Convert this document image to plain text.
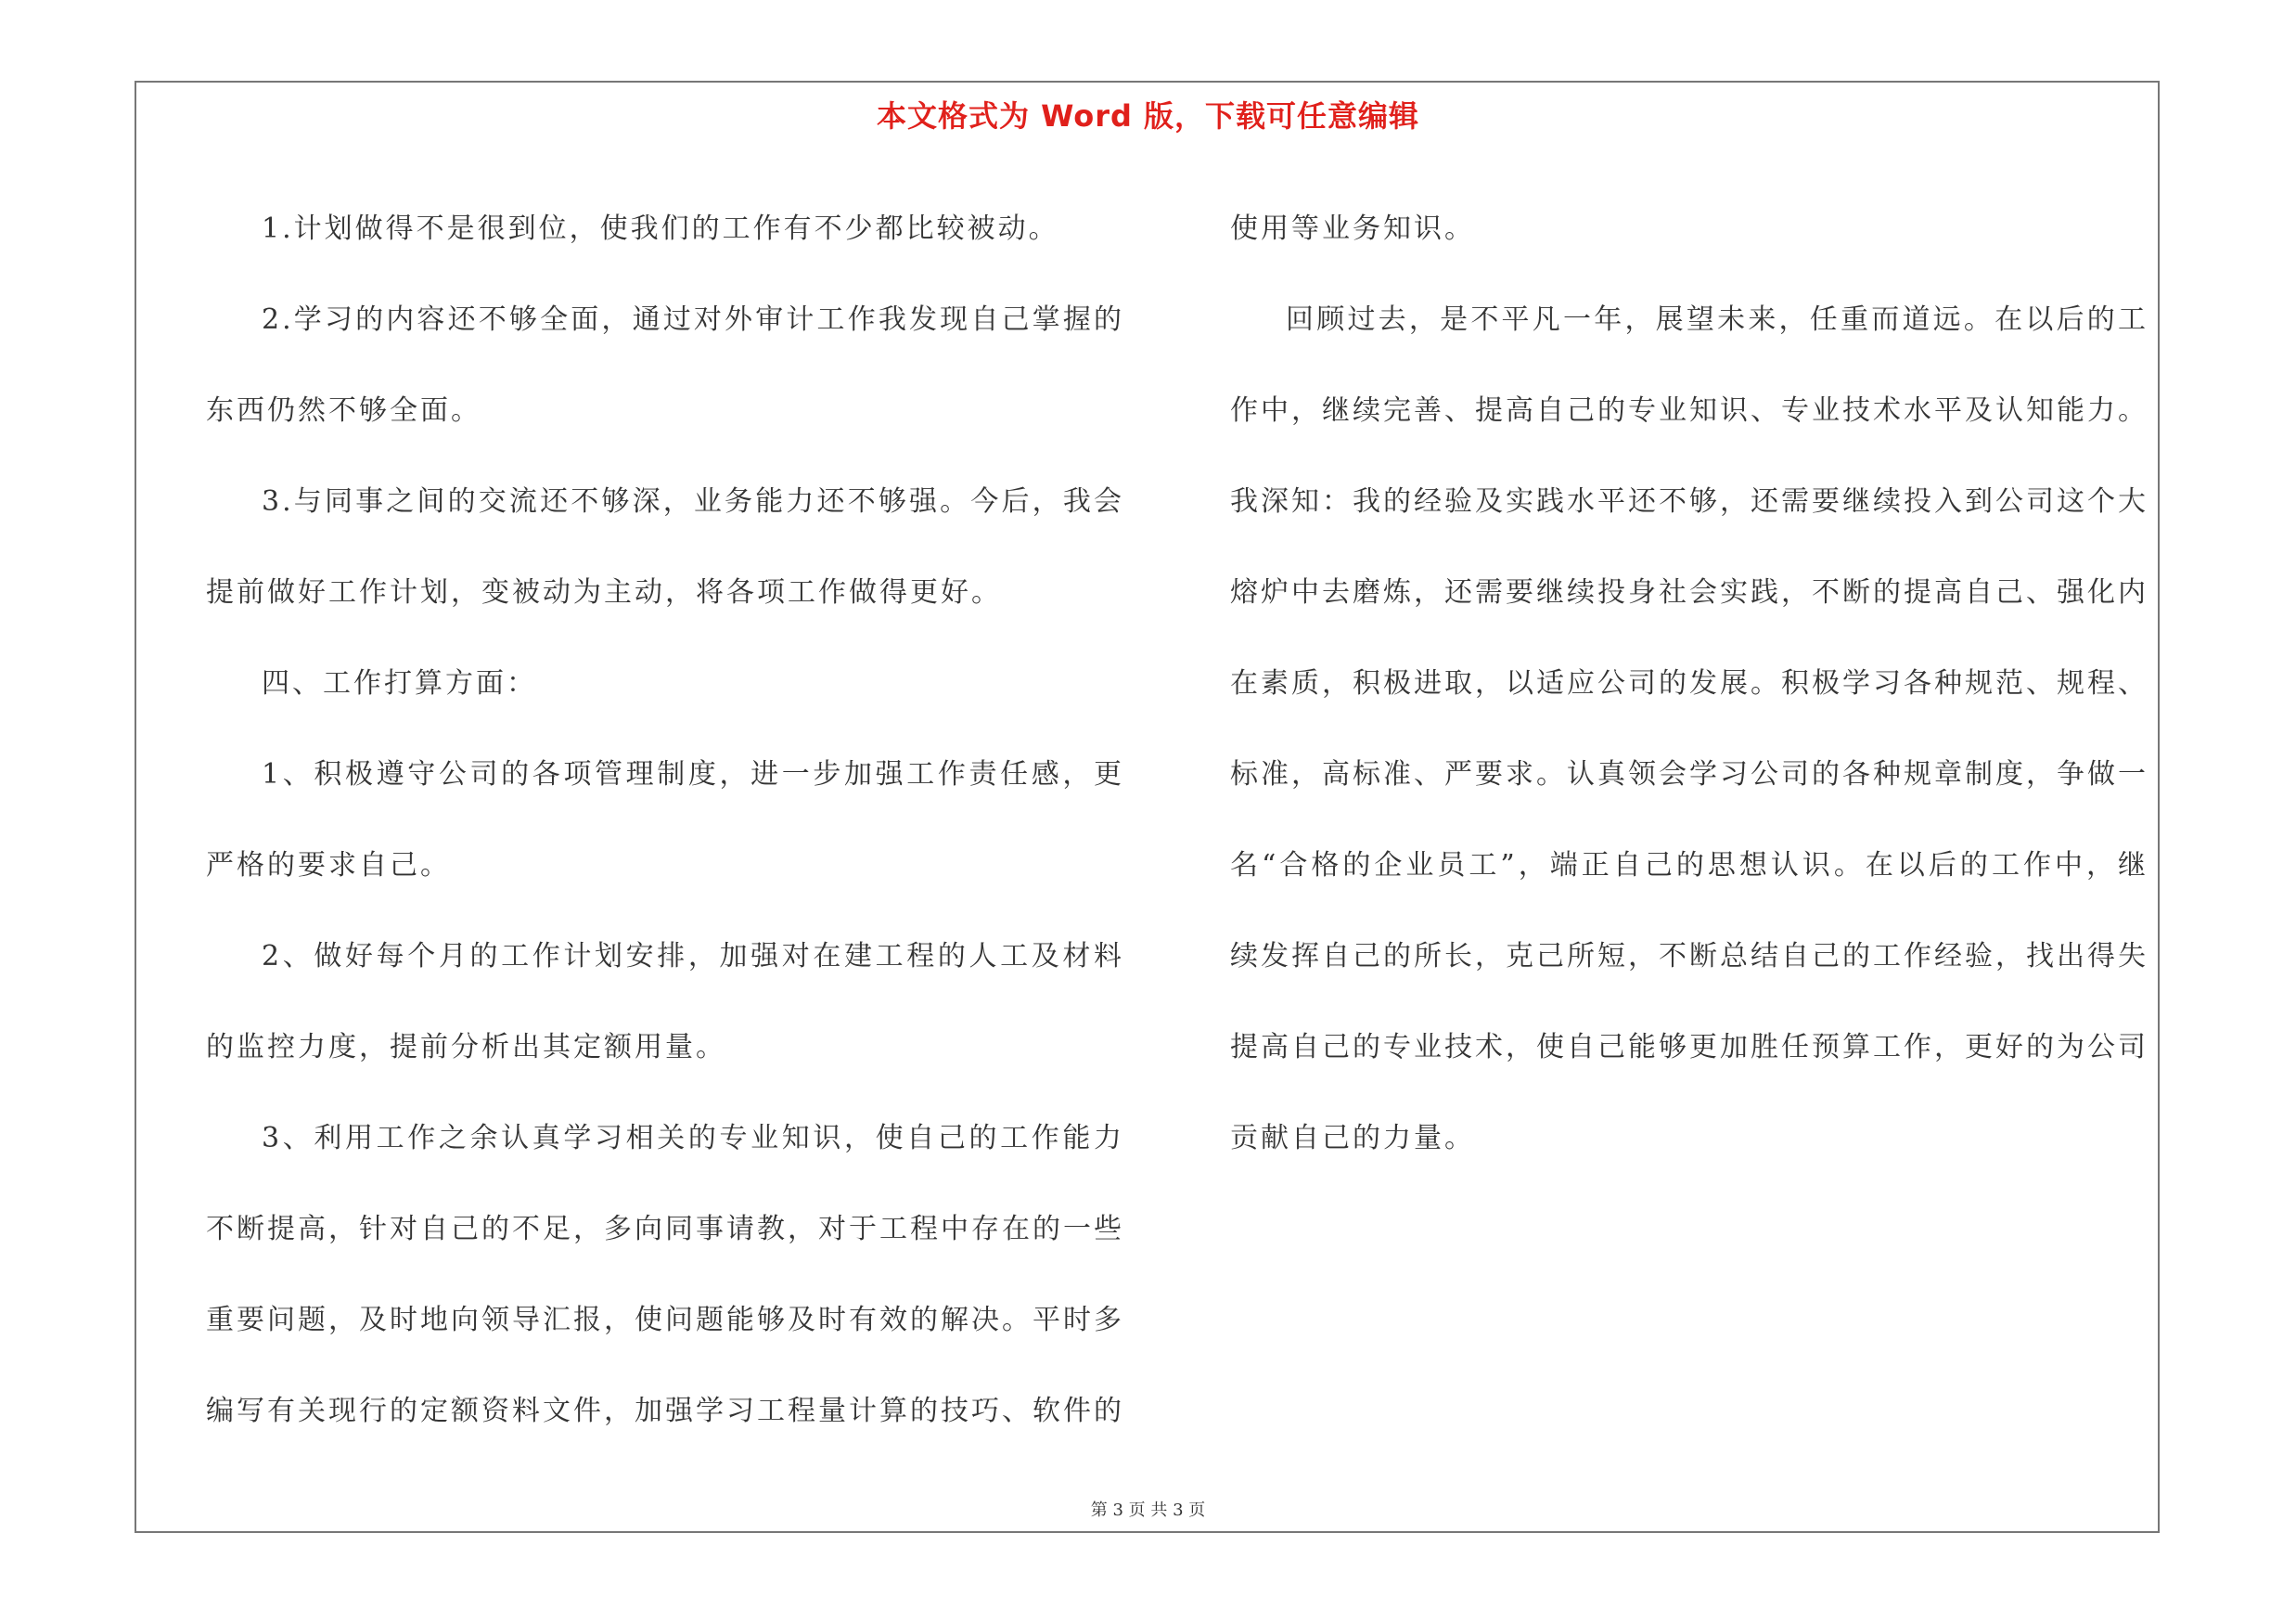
本文格式为 Word 版，下载可任意编辑

1.计划做得不是很到位，使我们的工作有不少都比较被动。

2.学习的内容还不够全面，通过对外审计工作我发现自己掌握的东西仍然不够全面。

3.与同事之间的交流还不够深，业务能力还不够强。今后，我会提前做好工作计划，变被动为主动，将各项工作做得更好。

四、工作打算方面：

1、积极遵守公司的各项管理制度，进一步加强工作责任感，更严格的要求自己。

2、做好每个月的工作计划安排，加强对在建工程的人工及材料的监控力度，提前分析出其定额用量。

3、利用工作之余认真学习相关的专业知识，使自己的工作能力不断提高，针对自己的不足，多向同事请教，对于工程中存在的一些重要问题，及时地向领导汇报，使问题能够及时有效的解决。平时多编写有关现行的定额资料文件，加强学习工程量计算的技巧、软件的

使用等业务知识。

回顾过去，是不平凡一年，展望未来，任重而道远。在以后的工作中，继续完善、提高自己的专业知识、专业技术水平及认知能力。我深知：我的经验及实践水平还不够，还需要继续投入到公司这个大熔炉中去磨炼，还需要继续投身社会实践，不断的提高自己、强化内在素质，积极进取，以适应公司的发展。积极学习各种规范、规程、标准，高标准、严要求。认真领会学习公司的各种规章制度，争做一名“合格的企业员工”，端正自己的思想认识。在以后的工作中，继续发挥自己的所长，克己所短，不断总结自己的工作经验，找出得失提高自己的专业技术，使自己能够更加胜任预算工作，更好的为公司贡献自己的力量。

第 3 页 共 3 页
